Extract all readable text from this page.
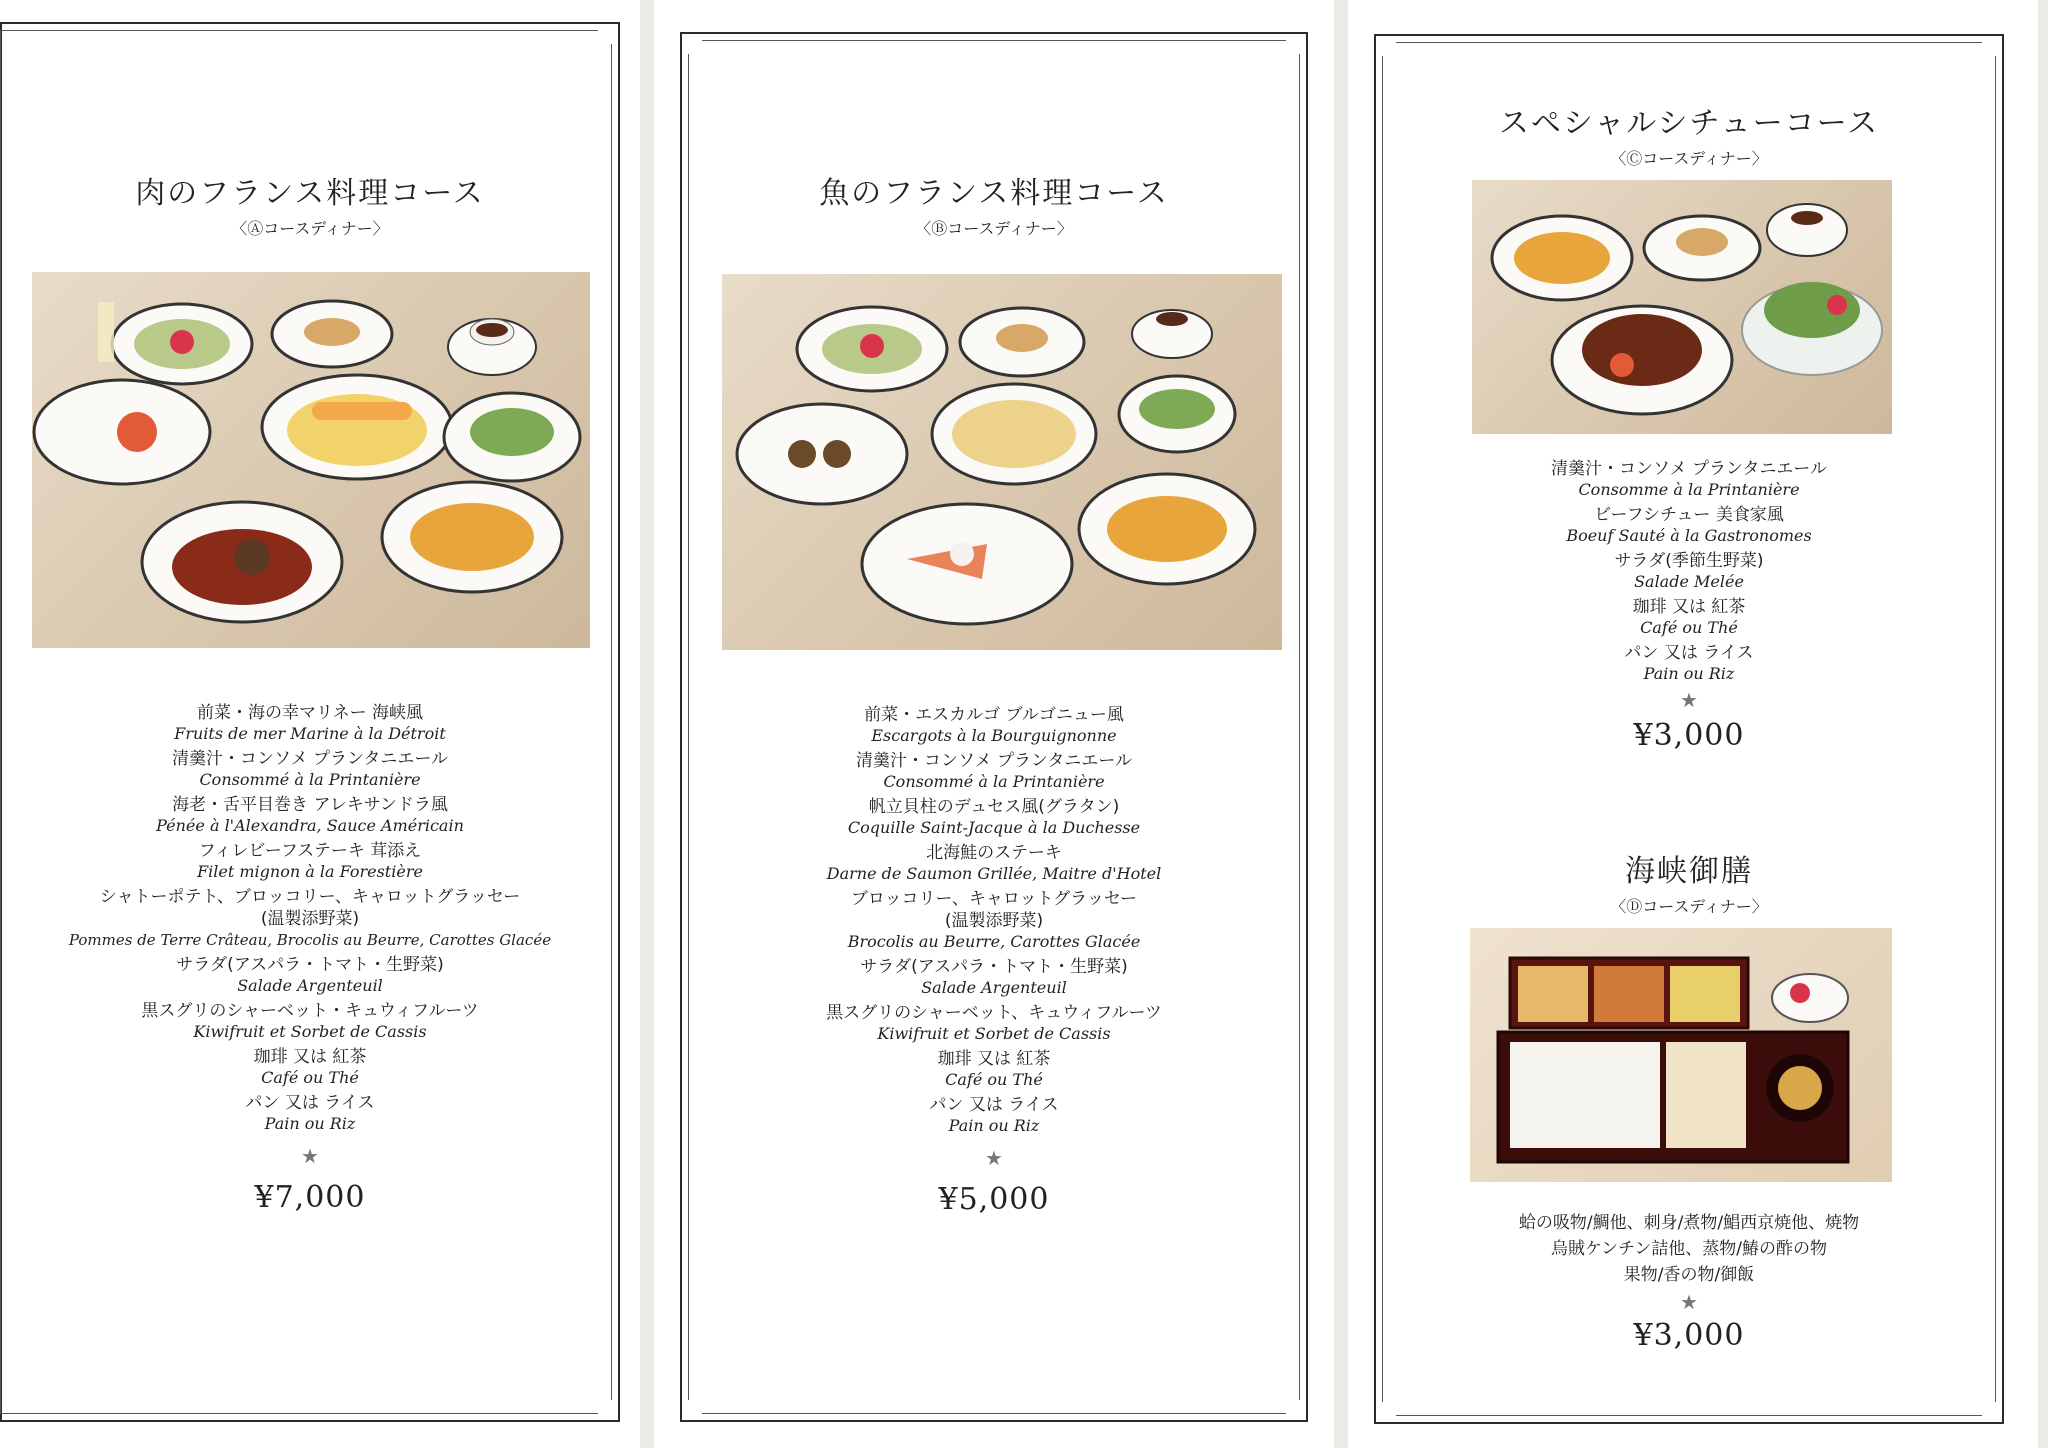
肉のフランス料理コース
〈Ⓐコースディナー〉
前菜・海の幸マリネー 海峡風
Fruits de mer Marine à la Détroit
清羹汁・コンソメ プランタニエール
Consommé à la Printanière
海老・舌平目巻き アレキサンドラ風
Pénée à l'Alexandra, Sauce Américain
フィレビーフステーキ 茸添え
Filet mignon à la Forestière
シャトーポテト、ブロッコリー、キャロットグラッセー
(温製添野菜)
Pommes de Terre Crâteau, Brocolis au Beurre, Carottes Glacée
サラダ(アスパラ・トマト・生野菜)
Salade Argenteuil
黒スグリのシャーベット・キュウィフルーツ
Kiwifruit et Sorbet de Cassis
珈琲 又は 紅茶
Café ou Thé
パン 又は ライス
Pain ou Riz
★
¥7,000
魚のフランス料理コース
〈Ⓑコースディナー〉
前菜・エスカルゴ ブルゴニュー風
Escargots à la Bourguignonne
清羹汁・コンソメ プランタニエール
Consommé à la Printanière
帆立貝柱のデュセス風(グラタン)
Coquille Saint-Jacque à la Duchesse
北海鮭のステーキ
Darne de Saumon Grillée, Maitre d'Hotel
ブロッコリー、キャロットグラッセー
(温製添野菜)
Brocolis au Beurre, Carottes Glacée
サラダ(アスパラ・トマト・生野菜)
Salade Argenteuil
黒スグリのシャーベット、キュウィフルーツ
Kiwifruit et Sorbet de Cassis
珈琲 又は 紅茶
Café ou Thé
パン 又は ライス
Pain ou Riz
★
¥5,000
スペシャルシチューコース
〈Ⓒコースディナー〉
清羹汁・コンソメ プランタニエール
Consomme à la Printanière
ビーフシチュー 美食家風
Boeuf Sauté à la Gastronomes
サラダ(季節生野菜)
Salade Melée
珈琲 又は 紅茶
Café ou Thé
パン 又は ライス
Pain ou Riz
★
¥3,000
海峡御膳
〈Ⓓコースディナー〉
蛤の吸物/鯛他、刺身/煮物/鯧西京焼他、焼物
烏賊ケンチン詰他、蒸物/鰆の酢の物
果物/香の物/御飯
★
¥3,000
